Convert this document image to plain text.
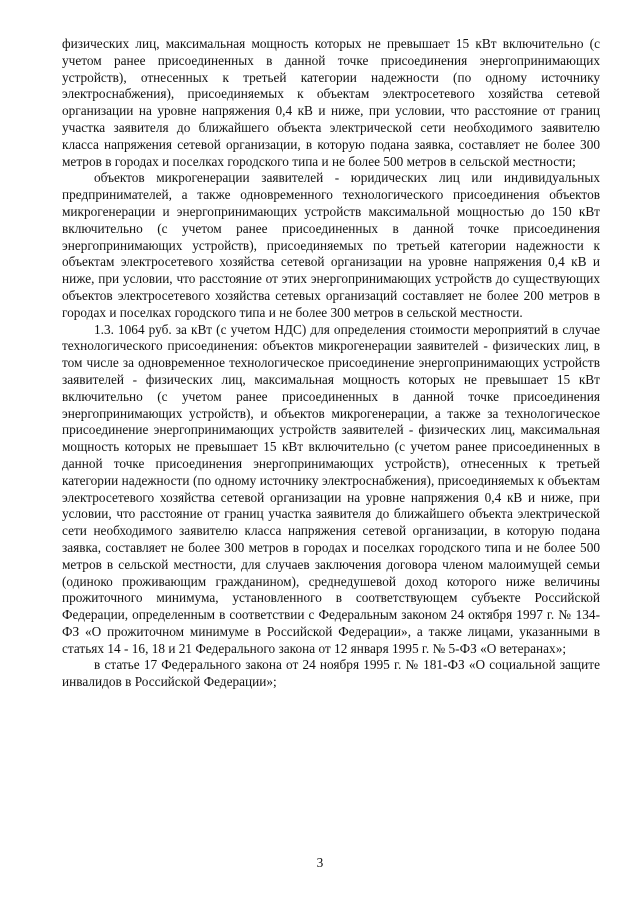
физических лиц, максимальная мощность которых не превышает 15 кВт включительно (с учетом ранее присоединенных в данной точке присоединения энергопринимающих устройств), отнесенных к третьей категории надежности (по одному источнику электроснабжения), присоединяемых к объектам электросетевого хозяйства сетевой организации на уровне напряжения 0,4 кВ и ниже, при условии, что расстояние от границ участка заявителя до ближайшего объекта электрической сети необходимого заявителю класса напряжения сетевой организации, в которую подана заявка, составляет не более 300 метров в городах и поселках городского типа и не более 500 метров в сельской местности;

объектов микрогенерации заявителей - юридических лиц или индивидуальных предпринимателей, а также одновременного технологического присоединения объектов микрогенерации и энергопринимающих устройств максимальной мощностью до 150 кВт включительно (с учетом ранее присоединенных в данной точке присоединения энергопринимающих устройств), присоединяемых по третьей категории надежности к объектам электросетевого хозяйства сетевой организации на уровне напряжения 0,4 кВ и ниже, при условии, что расстояние от этих энергопринимающих устройств до существующих объектов электросетевого хозяйства сетевых организаций составляет не более 200 метров в городах и поселках городского типа и не более 300 метров в сельской местности.

1.3. 1064 руб. за кВт (с учетом НДС) для определения стоимости мероприятий в случае технологического присоединения: объектов микрогенерации заявителей - физических лиц, в том числе за одновременное технологическое присоединение энергопринимающих устройств заявителей - физических лиц, максимальная мощность которых не превышает 15 кВт включительно (с учетом ранее присоединенных в данной точке присоединения энергопринимающих устройств), и объектов микрогенерации, а также за технологическое присоединение энергопринимающих устройств заявителей - физических лиц, максимальная мощность которых не превышает 15 кВт включительно (с учетом ранее присоединенных в данной точке присоединения энергопринимающих устройств), отнесенных к третьей категории надежности (по одному источнику электроснабжения), присоединяемых к объектам электросетевого хозяйства сетевой организации на уровне напряжения 0,4 кВ и ниже, при условии, что расстояние от границ участка заявителя до ближайшего объекта электрической сети необходимого заявителю класса напряжения сетевой организации, в которую подана заявка, составляет не более 300 метров в городах и поселках городского типа и не более 500 метров в сельской местности, для случаев заключения договора членом малоимущей семьи (одиноко проживающим гражданином), среднедушевой доход которого ниже величины прожиточного минимума, установленного в соответствующем субъекте Российской Федерации, определенным в соответствии с Федеральным законом 24 октября 1997 г. № 134-ФЗ «О прожиточном минимуме в Российской Федерации», а также лицами, указанными в статьях 14 - 16, 18 и 21 Федерального закона от 12 января 1995 г. № 5-ФЗ «О ветеранах»;

в статье 17 Федерального закона от 24 ноября 1995 г. № 181-ФЗ «О социальной защите инвалидов в Российской Федерации»;

3
